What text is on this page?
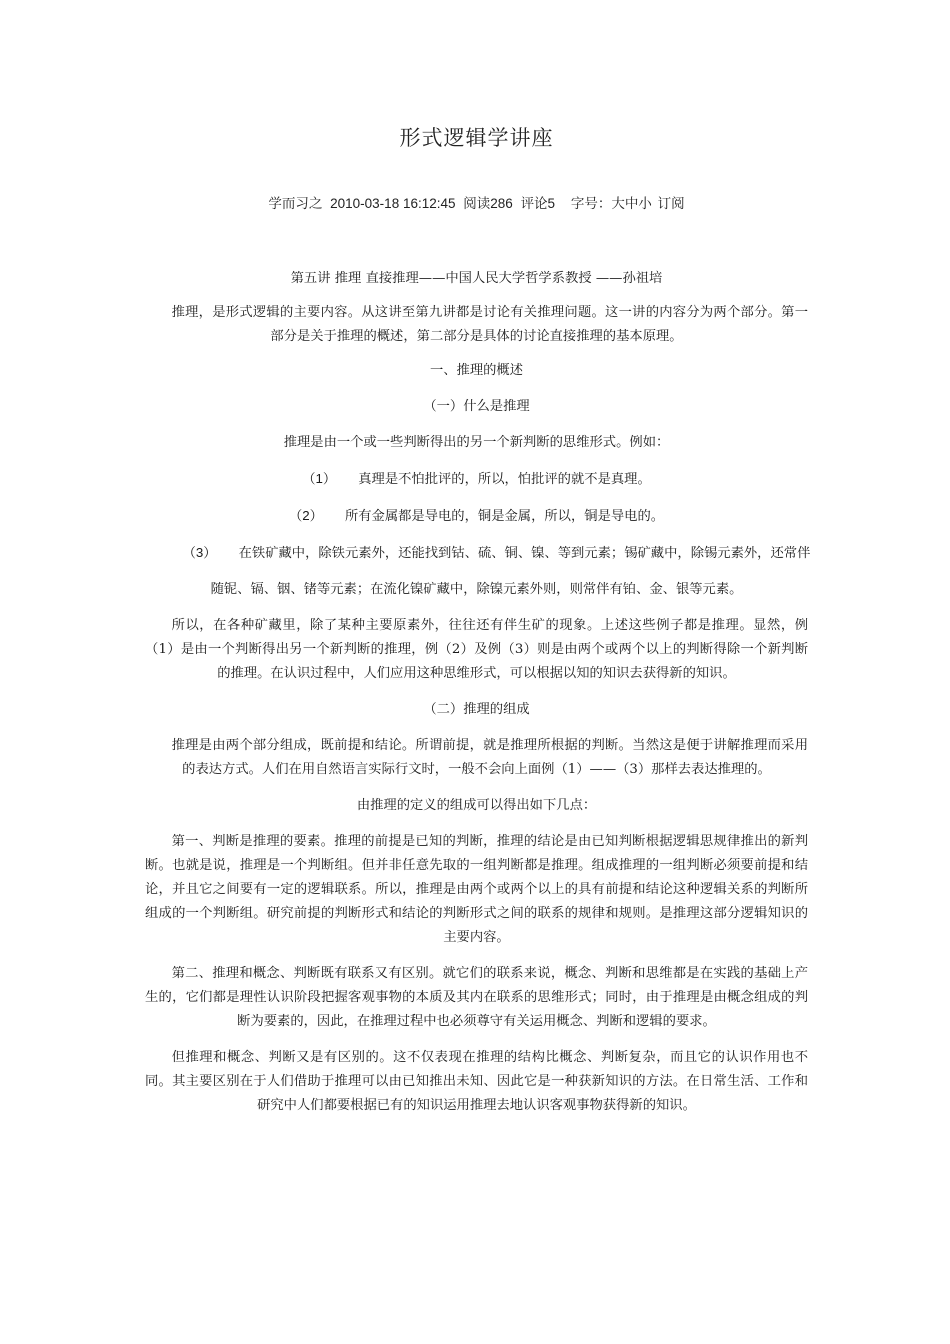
形式逻辑学讲座
学而习之 2010-03-18 16:12:45 阅读286 评论5 字号：大中小 订阅

第五讲 推理 直接推理——中国人民大学哲学系教授 ——孙祖培

推理，是形式逻辑的主要内容。从这讲至第九讲都是讨论有关推理问题。这一讲的内容分为两个部分。第一部分是关于推理的概述，第二部分是具体的讨论直接推理的基本原理。

一、推理的概述

（一）什么是推理

推理是由一个或一些判断得出的另一个新判断的思维形式。例如：

（1） 真理是不怕批评的，所以，怕批评的就不是真理。

（2） 所有金属都是导电的，铜是金属，所以，铜是导电的。

（3） 在铁矿藏中，除铁元素外，还能找到钴、硫、铜、镍、等到元素；锡矿藏中，除锡元素外，还常伴

随铌、镉、铟、锗等元素；在流化镍矿藏中，除镍元素外则，则常伴有铂、金、银等元素。

所以，在各种矿藏里，除了某种主要原素外，往往还有伴生矿的现象。上述这些例子都是推理。显然，例（1）是由一个判断得出另一个新判断的推理，例（2）及例（3）则是由两个或两个以上的判断得除一个新判断的推理。在认识过程中，人们应用这种思维形式，可以根据以知的知识去获得新的知识。

（二）推理的组成

推理是由两个部分组成，既前提和结论。所谓前提，就是推理所根据的判断。当然这是便于讲解推理而采用的表达方式。人们在用自然语言实际行文时，一般不会向上面例（1）——（3）那样去表达推理的。

由推理的定义的组成可以得出如下几点：

第一、判断是推理的要素。推理的前提是已知的判断，推理的结论是由已知判断根据逻辑思规律推出的新判断。也就是说，推理是一个判断组。但并非任意先取的一组判断都是推理。组成推理的一组判断必须要前提和结论，并且它之间要有一定的逻辑联系。所以，推理是由两个或两个以上的具有前提和结论这种逻辑关系的判断所组成的一个判断组。研究前提的判断形式和结论的判断形式之间的联系的规律和规则。是推理这部分逻辑知识的主要内容。

第二、推理和概念、判断既有联系又有区别。就它们的联系来说，概念、判断和思维都是在实践的基础上产生的，它们都是理性认识阶段把握客观事物的本质及其内在联系的思维形式；同时，由于推理是由概念组成的判断为要素的，因此，在推理过程中也必须尊守有关运用概念、判断和逻辑的要求。

但推理和概念、判断又是有区别的。这不仅表现在推理的结构比概念、判断复杂，而且它的认识作用也不同。其主要区别在于人们借助于推理可以由已知推出未知、因此它是一种获新知识的方法。在日常生活、工作和研究中人们都要根据已有的知识运用推理去地认识客观事物获得新的知识。
